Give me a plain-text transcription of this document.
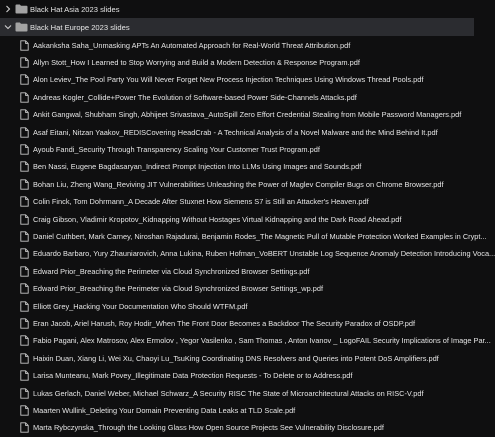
Black Hat Asia 2023 slides
Black Hat Europe 2023 slides
Aakanksha Saha_Unmasking APTs An Automated Approach for Real-World Threat Attribution.pdf
Allyn Stott_How I Learned to Stop Worrying and Build a Modern Detection & Response Program.pdf
Alon Leviev_The Pool Party You Will Never Forget New Process Injection Techniques Using Windows Thread Pools.pdf
Andreas Kogler_Collide+Power The Evolution of Software-based Power Side-Channels Attacks.pdf
Ankit Gangwal, Shubham Singh, Abhijeet Srivastava_AutoSpill Zero Effort Credential Stealing from Mobile Password Managers.pdf
Asaf Eitani, Nitzan Yaakov_REDISCovering HeadCrab - A Technical Analysis of a Novel Malware and the Mind Behind It.pdf
Ayoub Fandi_Security Through Transparency Scaling Your Customer Trust Program.pdf
Ben Nassi, Eugene Bagdasaryan_Indirect Prompt Injection Into LLMs Using Images and Sounds.pdf
Bohan Liu, Zheng Wang_Reviving JIT Vulnerabilities Unleashing the Power of Maglev Compiler Bugs on Chrome Browser.pdf
Colin Finck, Tom Dohrmann_A Decade After Stuxnet How Siemens S7 is Still an Attacker's Heaven.pdf
Craig Gibson, Vladimir Kropotov_Kidnapping Without Hostages Virtual Kidnapping and the Dark Road Ahead.pdf
Daniel Cuthbert, Mark Carney, Niroshan Rajadurai, Benjamin Rodes_The Magnetic Pull of Mutable Protection Worked Examples in Crypt...
Eduardo Barbaro, Yury Zhauniarovich, Anna Lukina, Ruben Hofman_VoBERT Unstable Log Sequence Anomaly Detection Introducing Voca...
Edward Prior_Breaching the Perimeter via Cloud Synchronized Browser Settings.pdf
Edward Prior_Breaching the Perimeter via Cloud Synchronized Browser Settings_wp.pdf
Elliott Grey_Hacking Your Documentation Who Should WTFM.pdf
Eran Jacob, Ariel Harush, Roy Hodir_When The Front Door Becomes a Backdoor The Security Paradox of OSDP.pdf
Fabio Pagani, Alex Matrosov, Alex Ermolov , Yegor Vasilenko , Sam Thomas , Anton Ivanov _ LogoFAIL Security Implications of Image Par...
Haixin Duan, Xiang Li, Wei Xu, Chaoyi Lu_TsuKing Coordinating DNS Resolvers and Queries into Potent DoS Amplifiers.pdf
Larisa Munteanu, Mark Povey_Illegitimate Data Protection Requests - To Delete or to Address.pdf
Lukas Gerlach, Daniel Weber, Michael Schwarz_A Security RISC The State of Microarchitectural Attacks on RISC-V.pdf
Maarten Wullink_Deleting Your Domain Preventing Data Leaks at TLD Scale.pdf
Marta Rybczynska_Through the Looking Glass How Open Source Projects See Vulnerability Disclosure.pdf
